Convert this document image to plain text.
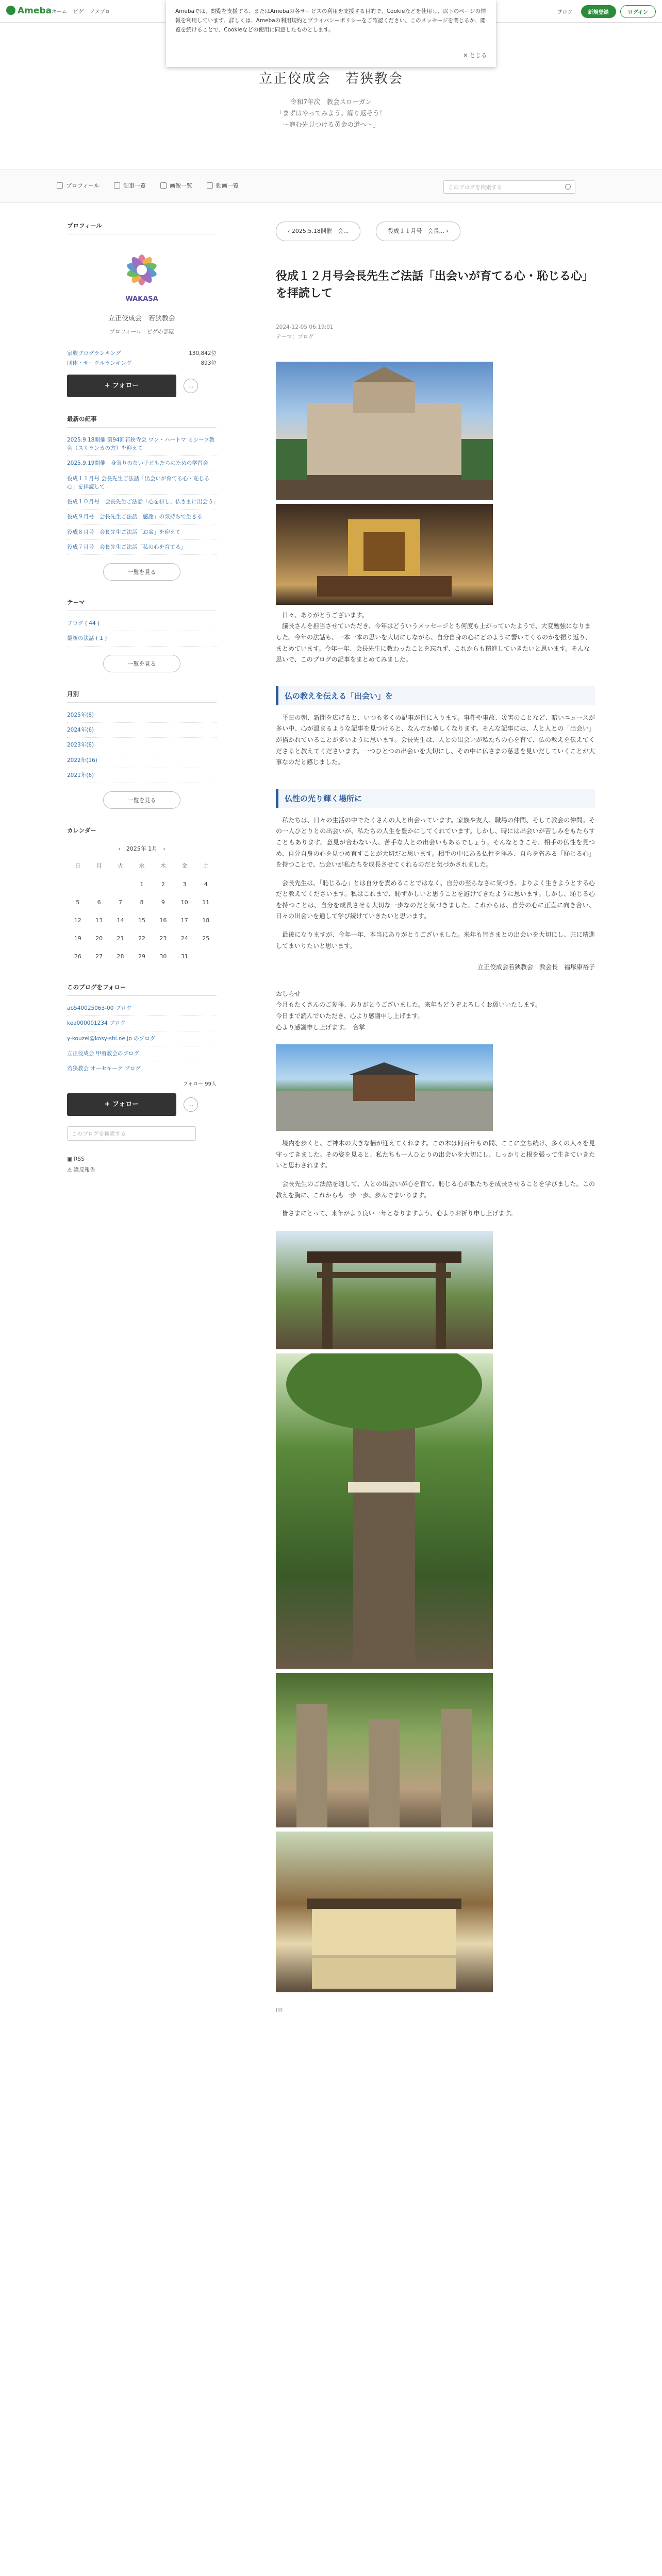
Ameba ホーム ピグ アメブロ	ブログ	新規登録	ログイン
Amebaでは、閲覧を支援する、またはAmebaの各サービスの利用を支援する目的で、Cookieなどを使用し、以下のページの情報を利用しています。詳しくは、Amebaの利用規約とプライバシーポリシーをご確認ください。このメッセージを閉じるか、閲覧を続けることで、Cookieなどの使用に同意したものとします。
✕ とじる
立正佼成会　若狭教会
令和7年次　教会スローガン
「まずはやってみよう。繰り返そう！
～進む先見つける黄金の道へ～」
プロフィール	記事一覧	画像一覧	動画一覧	このブログを検索する
プロフィール
WAKASA
立正佼成会　若狭教会
プロフィール　ピグの部屋
家族ブログランキング	130,842位
団体・サークルランキング	893位
+ フォロー	…
最新の記事
2025.9.18開催 第94回若狭寺会 ワン・ハートマ ミシーフ教会（スリランカの方）を迎えて
2025.9.19開催　身寄りのない子どもたちのための学習会
役成１１月号 会長先生ご法話「出会いが育てる心・恥じる心」を拝読して
役成１０月号　会長先生ご法話「心を耕し、仏さまに出会う」
役成９月号　会長先生ご法話「感謝」の気持ちで生きる
役成８月号　会長先生ご法話「お盆」を迎えて
役成７月号　会長先生ご法話「私の心を育てる」
一覧を見る
テーマ
ブログ ( 44 )
最新の法話 ( 1 )
一覧を見る
月別
2025年(8)
2024年(6)
2023年(8)
2022年(16)
2021年(6)
一覧を見る
カレンダー
‹　 2025年 1月　 ›
日	月	火	水	木	金	土
			1	2	3	4
5	6	7	8	9	10	11
12	13	14	15	16	17	18
19	20	21	22	23	24	25
26	27	28	29	30	31	
このブログをフォロー
ab540025063-00 ブログ
kea000001234 ブログ
y-kouzei@kosy-shi.ne.jp のブログ
立正佼成会 甲府教会のブログ
若狭教会 オーセキーク ブログ
フォロー 99人
+ フォロー	…
このブログを検索する
▣ RSS
⚠ 違反報告
‹ 2025.5.18開催　会...	役成１１月号　会長... ›
役成１２月号会長先生ご法話「出会いが育てる心・恥じる心」を拝読して
2024-12-05 06:19:01
テーマ：ブログ

　日々、ありがとうございます。

　議長さんを担当させていただき、今年はどういうメッセージとも何度も上がっていたようで、大変勉強になりました。今年の法話も、一本一本の思いを大切にしながら、自分自身の心にどのように響いてくるのかを振り返り、まとめています。今年一年、会長先生に教わったことを忘れず、これからも精進していきたいと思います。そんな思いで、このブログの記事をまとめてみました。

仏の教えを伝える「出会い」を

　平日の朝、新聞を広げると、いつも多くの記事が目に入ります。事件や事故、災害のことなど、暗いニュースが多い中、心が温まるような記事を見つけると、なんだか嬉しくなります。そんな記事には、人と人との「出会い」が描かれていることが多いように思います。会長先生は、人との出会いが私たちの心を育て、仏の教えを伝えてくださると教えてくださいます。一つひとつの出会いを大切にし、その中に仏さまの慈悲を見いだしていくことが大事なのだと感じました。

仏性の光り輝く場所に

　私たちは、日々の生活の中でたくさんの人と出会っています。家族や友人、職場の仲間、そして教会の仲間。その一人ひとりとの出会いが、私たちの人生を豊かにしてくれています。しかし、時には出会いが苦しみをもたらすこともあります。意見が合わない人、苦手な人との出会いもあるでしょう。そんなときこそ、相手の仏性を見つめ、自分自身の心を見つめ直すことが大切だと思います。相手の中にある仏性を拝み、自らを省みる「恥じる心」を持つことで、出会いが私たちを成長させてくれるのだと気づかされました。

　会長先生は、「恥じる心」とは自分を責めることではなく、自分の至らなさに気づき、よりよく生きようとする心だと教えてくださいます。私はこれまで、恥ずかしいと思うことを避けてきたように思います。しかし、恥じる心を持つことは、自分を成長させる大切な一歩なのだと気づきました。これからは、自分の心に正直に向き合い、日々の出会いを通して学び続けていきたいと思います。

　最後になりますが、今年一年、本当にありがとうございました。来年も皆さまとの出会いを大切にし、共に精進してまいりたいと思います。

立正佼成会若狭教会　教会長　福塚康裕子

おしらせ

今月もたくさんのご参拝、ありがとうございました。来年もどうぞよろしくお願いいたします。

今日まで読んでいただき、心より感謝申し上げます。

心より感謝申し上げます。　合掌

　境内を歩くと、ご神木の大きな楠が迎えてくれます。この木は何百年もの間、ここに立ち続け、多くの人々を見守ってきました。その姿を見ると、私たちも一人ひとりの出会いを大切にし、しっかりと根を張って生きていきたいと思わされます。

　会長先生のご法話を通して、人との出会いが心を育て、恥じる心が私たちを成長させることを学びました。この教えを胸に、これからも一歩一歩、歩んでまいります。

　皆さまにとって、来年がより良い一年となりますよう、心よりお祈り申し上げます。

Ifff
